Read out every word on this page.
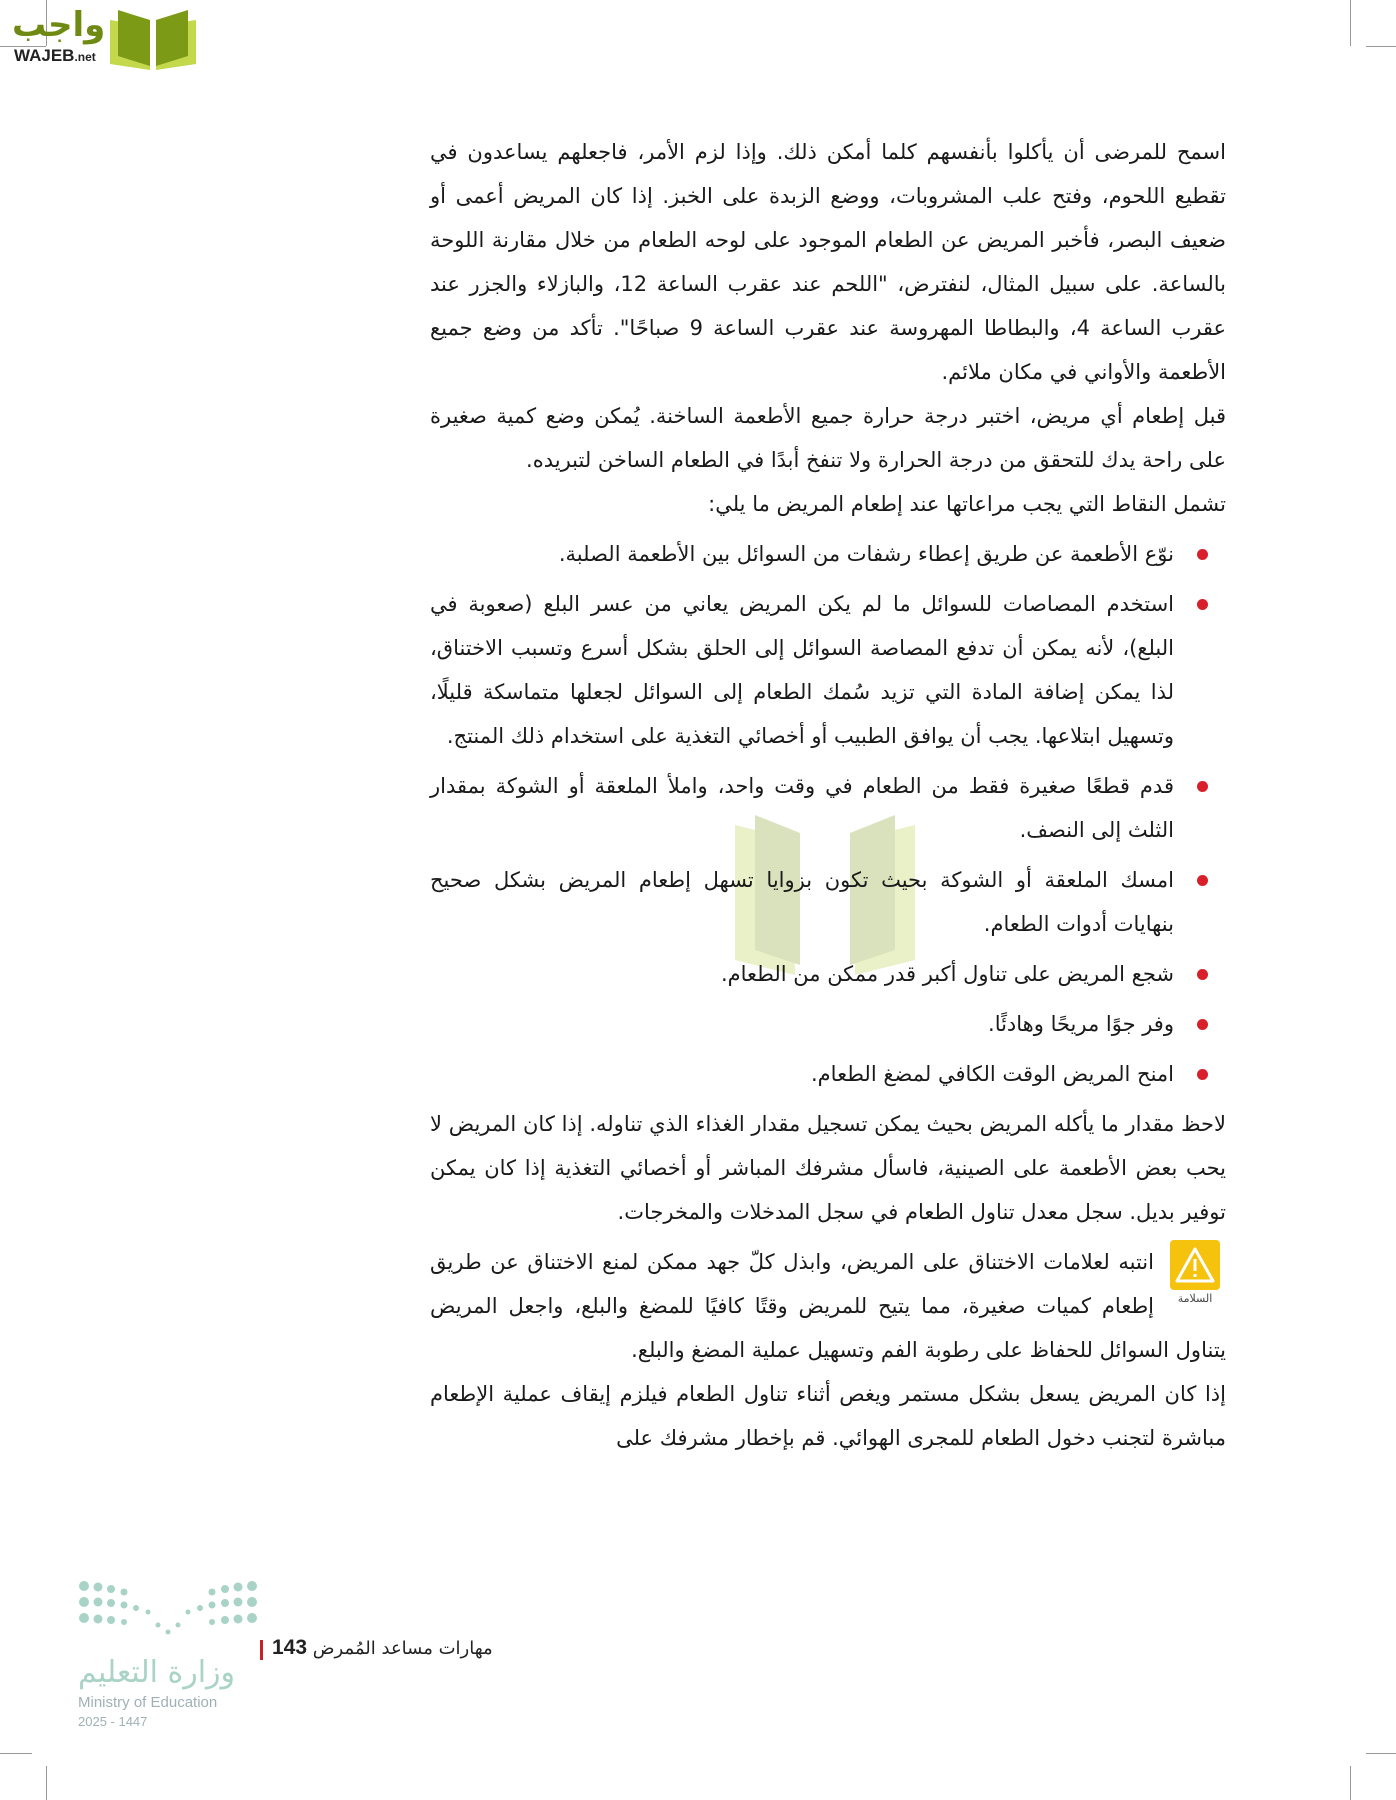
واجب
WAJEB.net

اسمح للمرضى أن يأكلوا بأنفسهم كلما أمكن ذلك. وإذا لزم الأمر، فاجعلهم يساعدون في تقطيع اللحوم، وفتح علب المشروبات، ووضع الزبدة على الخبز. إذا كان المريض أعمى أو ضعيف البصر، فأخبر المريض عن الطعام الموجود على لوحه الطعام من خلال مقارنة اللوحة بالساعة. على سبيل المثال، لنفترض، "اللحم عند عقرب الساعة 12، والبازلاء والجزر عند عقرب الساعة 4، والبطاطا المهروسة عند عقرب الساعة 9 صباحًا". تأكد من وضع جميع الأطعمة والأواني في مكان ملائم.

قبل إطعام أي مريض، اختبر درجة حرارة جميع الأطعمة الساخنة. يُمكن وضع كمية صغيرة على راحة يدك للتحقق من درجة الحرارة ولا تنفخ أبدًا في الطعام الساخن لتبريده.

تشمل النقاط التي يجب مراعاتها عند إطعام المريض ما يلي:

نوّع الأطعمة عن طريق إعطاء رشفات من السوائل بين الأطعمة الصلبة.
استخدم المصاصات للسوائل ما لم يكن المريض يعاني من عسر البلع (صعوبة في البلع)، لأنه يمكن أن تدفع المصاصة السوائل إلى الحلق بشكل أسرع وتسبب الاختناق، لذا يمكن إضافة المادة التي تزيد سُمك الطعام إلى السوائل لجعلها متماسكة قليلًا، وتسهيل ابتلاعها. يجب أن يوافق الطبيب أو أخصائي التغذية على استخدام ذلك المنتج.
قدم قطعًا صغيرة فقط من الطعام في وقت واحد، واملأ الملعقة أو الشوكة بمقدار الثلث إلى النصف.
امسك الملعقة أو الشوكة بحيث تكون بزوايا تسهل إطعام المريض بشكل صحيح بنهايات أدوات الطعام.
شجع المريض على تناول أكبر قدر ممكن من الطعام.
وفر جوًا مريحًا وهادئًا.
امنح المريض الوقت الكافي لمضغ الطعام.

لاحظ مقدار ما يأكله المريض بحيث يمكن تسجيل مقدار الغذاء الذي تناوله. إذا كان المريض لا يحب بعض الأطعمة على الصينية، فاسأل مشرفك المباشر أو أخصائي التغذية إذا كان يمكن توفير بديل. سجل معدل تناول الطعام في سجل المدخلات والمخرجات.

السلامة
انتبه لعلامات الاختناق على المريض، وابذل كلّ جهد ممكن لمنع الاختناق عن طريق إطعام كميات صغيرة، مما يتيح للمريض وقتًا كافيًا للمضغ والبلع، واجعل المريض يتناول السوائل للحفاظ على رطوبة الفم وتسهيل عملية المضغ والبلع.

إذا كان المريض يسعل بشكل مستمر ويغص أثناء تناول الطعام فيلزم إيقاف عملية الإطعام مباشرة لتجنب دخول الطعام للمجرى الهوائي. قم بإخطار مشرفك على

وزارة التعليم
Ministry of Education
2025 - 1447
مهارات مساعد المُمرض 143
